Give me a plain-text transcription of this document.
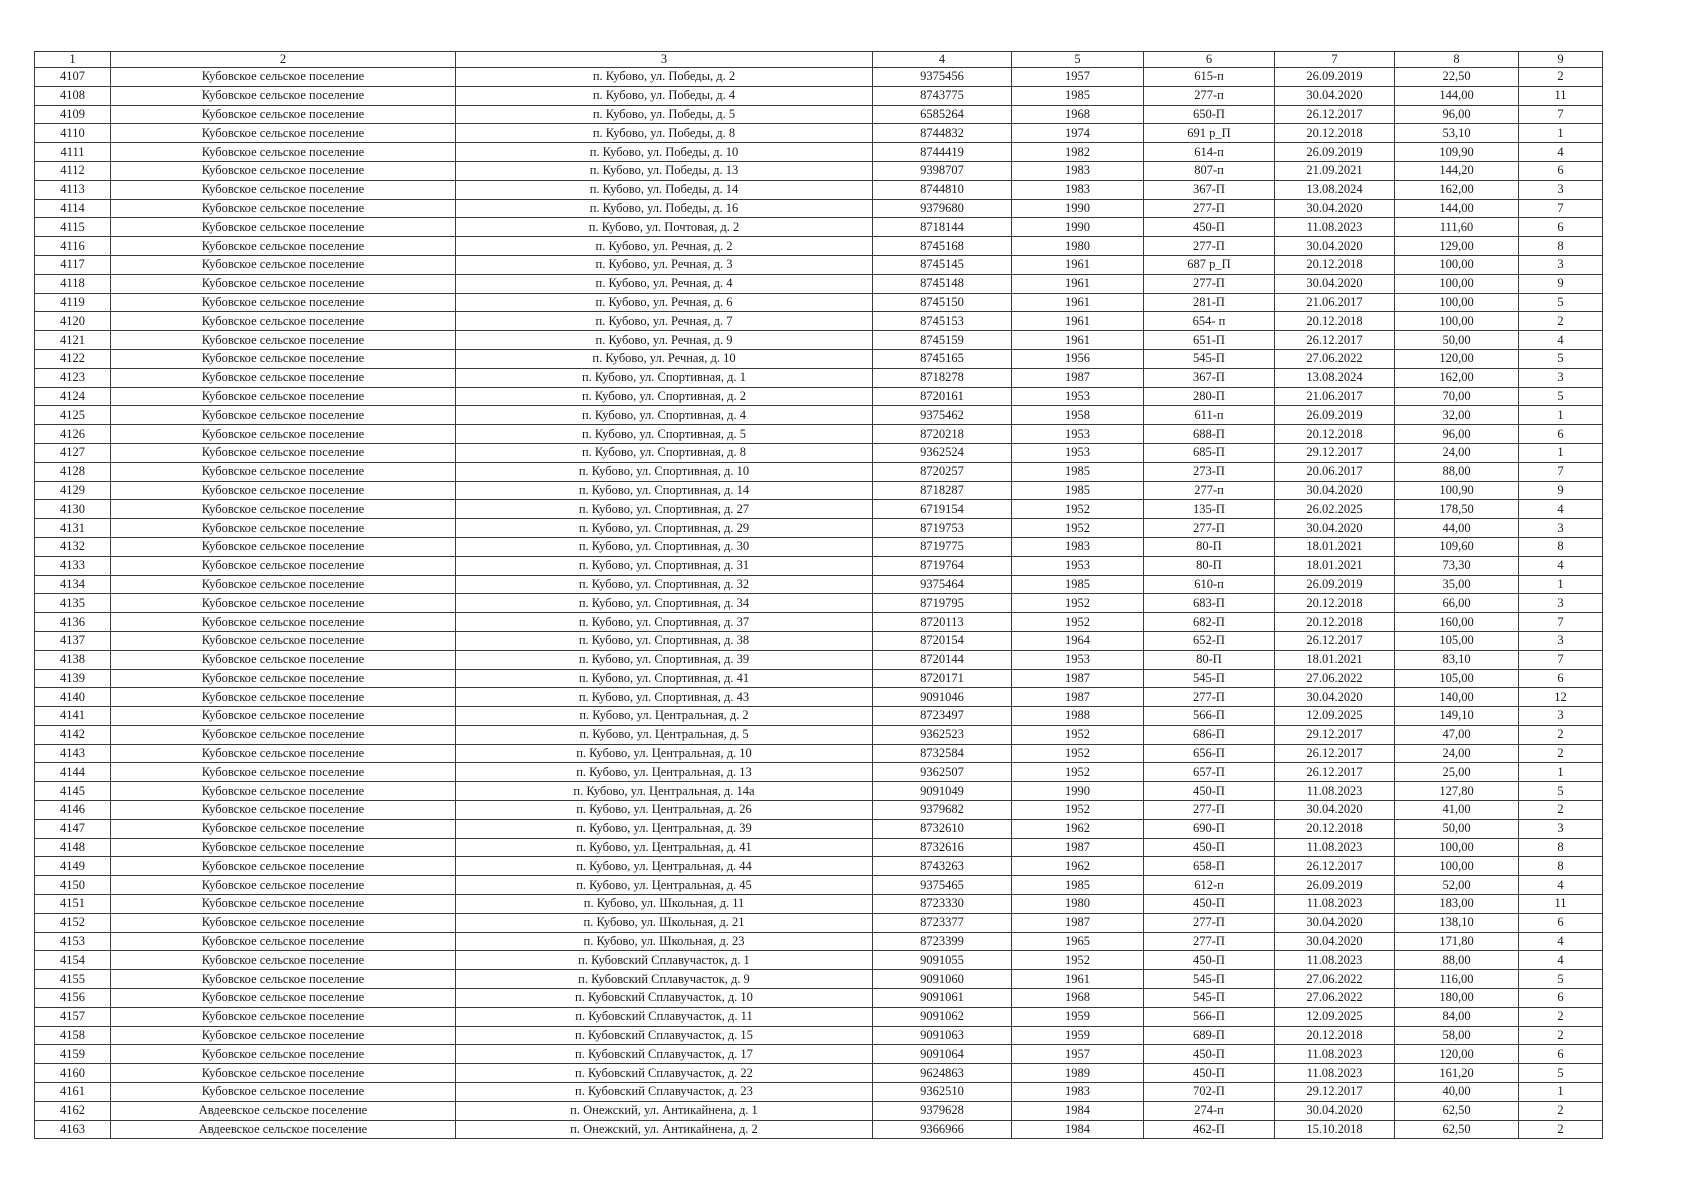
1	2	3	4	5	6	7	8	9
4107	Кубовское сельское поселение	п. Кубово, ул. Победы, д. 2	9375456	1957	615-п	26.09.2019	22,50	2
4108	Кубовское сельское поселение	п. Кубово, ул. Победы, д. 4	8743775	1985	277-п	30.04.2020	144,00	11
4109	Кубовское сельское поселение	п. Кубово, ул. Победы, д. 5	6585264	1968	650-П	26.12.2017	96,00	7
4110	Кубовское сельское поселение	п. Кубово, ул. Победы, д. 8	8744832	1974	691 р_П	20.12.2018	53,10	1
4111	Кубовское сельское поселение	п. Кубово, ул. Победы, д. 10	8744419	1982	614-п	26.09.2019	109,90	4
4112	Кубовское сельское поселение	п. Кубово, ул. Победы, д. 13	9398707	1983	807-п	21.09.2021	144,20	6
4113	Кубовское сельское поселение	п. Кубово, ул. Победы, д. 14	8744810	1983	367-П	13.08.2024	162,00	3
4114	Кубовское сельское поселение	п. Кубово, ул. Победы, д. 16	9379680	1990	277-П	30.04.2020	144,00	7
4115	Кубовское сельское поселение	п. Кубово, ул. Почтовая, д. 2	8718144	1990	450-П	11.08.2023	111,60	6
4116	Кубовское сельское поселение	п. Кубово, ул. Речная, д. 2	8745168	1980	277-П	30.04.2020	129,00	8
4117	Кубовское сельское поселение	п. Кубово, ул. Речная, д. 3	8745145	1961	687 р_П	20.12.2018	100,00	3
4118	Кубовское сельское поселение	п. Кубово, ул. Речная, д. 4	8745148	1961	277-П	30.04.2020	100,00	9
4119	Кубовское сельское поселение	п. Кубово, ул. Речная, д. 6	8745150	1961	281-П	21.06.2017	100,00	5
4120	Кубовское сельское поселение	п. Кубово, ул. Речная, д. 7	8745153	1961	654- п	20.12.2018	100,00	2
4121	Кубовское сельское поселение	п. Кубово, ул. Речная, д. 9	8745159	1961	651-П	26.12.2017	50,00	4
4122	Кубовское сельское поселение	п. Кубово, ул. Речная, д. 10	8745165	1956	545-П	27.06.2022	120,00	5
4123	Кубовское сельское поселение	п. Кубово, ул. Спортивная, д. 1	8718278	1987	367-П	13.08.2024	162,00	3
4124	Кубовское сельское поселение	п. Кубово, ул. Спортивная, д. 2	8720161	1953	280-П	21.06.2017	70,00	5
4125	Кубовское сельское поселение	п. Кубово, ул. Спортивная, д. 4	9375462	1958	611-п	26.09.2019	32,00	1
4126	Кубовское сельское поселение	п. Кубово, ул. Спортивная, д. 5	8720218	1953	688-П	20.12.2018	96,00	6
4127	Кубовское сельское поселение	п. Кубово, ул. Спортивная, д. 8	9362524	1953	685-П	29.12.2017	24,00	1
4128	Кубовское сельское поселение	п. Кубово, ул. Спортивная, д. 10	8720257	1985	273-П	20.06.2017	88,00	7
4129	Кубовское сельское поселение	п. Кубово, ул. Спортивная, д. 14	8718287	1985	277-п	30.04.2020	100,90	9
4130	Кубовское сельское поселение	п. Кубово, ул. Спортивная, д. 27	6719154	1952	135-П	26.02.2025	178,50	4
4131	Кубовское сельское поселение	п. Кубово, ул. Спортивная, д. 29	8719753	1952	277-П	30.04.2020	44,00	3
4132	Кубовское сельское поселение	п. Кубово, ул. Спортивная, д. 30	8719775	1983	80-П	18.01.2021	109,60	8
4133	Кубовское сельское поселение	п. Кубово, ул. Спортивная, д. 31	8719764	1953	80-П	18.01.2021	73,30	4
4134	Кубовское сельское поселение	п. Кубово, ул. Спортивная, д. 32	9375464	1985	610-п	26.09.2019	35,00	1
4135	Кубовское сельское поселение	п. Кубово, ул. Спортивная, д. 34	8719795	1952	683-П	20.12.2018	66,00	3
4136	Кубовское сельское поселение	п. Кубово, ул. Спортивная, д. 37	8720113	1952	682-П	20.12.2018	160,00	7
4137	Кубовское сельское поселение	п. Кубово, ул. Спортивная, д. 38	8720154	1964	652-П	26.12.2017	105,00	3
4138	Кубовское сельское поселение	п. Кубово, ул. Спортивная, д. 39	8720144	1953	80-П	18.01.2021	83,10	7
4139	Кубовское сельское поселение	п. Кубово, ул. Спортивная, д. 41	8720171	1987	545-П	27.06.2022	105,00	6
4140	Кубовское сельское поселение	п. Кубово, ул. Спортивная, д. 43	9091046	1987	277-П	30.04.2020	140,00	12
4141	Кубовское сельское поселение	п. Кубово, ул. Центральная, д. 2	8723497	1988	566-П	12.09.2025	149,10	3
4142	Кубовское сельское поселение	п. Кубово, ул. Центральная, д. 5	9362523	1952	686-П	29.12.2017	47,00	2
4143	Кубовское сельское поселение	п. Кубово, ул. Центральная, д. 10	8732584	1952	656-П	26.12.2017	24,00	2
4144	Кубовское сельское поселение	п. Кубово, ул. Центральная, д. 13	9362507	1952	657-П	26.12.2017	25,00	1
4145	Кубовское сельское поселение	п. Кубово, ул. Центральная, д. 14а	9091049	1990	450-П	11.08.2023	127,80	5
4146	Кубовское сельское поселение	п. Кубово, ул. Центральная, д. 26	9379682	1952	277-П	30.04.2020	41,00	2
4147	Кубовское сельское поселение	п. Кубово, ул. Центральная, д. 39	8732610	1962	690-П	20.12.2018	50,00	3
4148	Кубовское сельское поселение	п. Кубово, ул. Центральная, д. 41	8732616	1987	450-П	11.08.2023	100,00	8
4149	Кубовское сельское поселение	п. Кубово, ул. Центральная, д. 44	8743263	1962	658-П	26.12.2017	100,00	8
4150	Кубовское сельское поселение	п. Кубово, ул. Центральная, д. 45	9375465	1985	612-п	26.09.2019	52,00	4
4151	Кубовское сельское поселение	п. Кубово, ул. Школьная, д. 11	8723330	1980	450-П	11.08.2023	183,00	11
4152	Кубовское сельское поселение	п. Кубово, ул. Школьная, д. 21	8723377	1987	277-П	30.04.2020	138,10	6
4153	Кубовское сельское поселение	п. Кубово, ул. Школьная, д. 23	8723399	1965	277-П	30.04.2020	171,80	4
4154	Кубовское сельское поселение	п. Кубовский Сплавучасток, д. 1	9091055	1952	450-П	11.08.2023	88,00	4
4155	Кубовское сельское поселение	п. Кубовский Сплавучасток, д. 9	9091060	1961	545-П	27.06.2022	116,00	5
4156	Кубовское сельское поселение	п. Кубовский Сплавучасток, д. 10	9091061	1968	545-П	27.06.2022	180,00	6
4157	Кубовское сельское поселение	п. Кубовский Сплавучасток, д. 11	9091062	1959	566-П	12.09.2025	84,00	2
4158	Кубовское сельское поселение	п. Кубовский Сплавучасток, д. 15	9091063	1959	689-П	20.12.2018	58,00	2
4159	Кубовское сельское поселение	п. Кубовский Сплавучасток, д. 17	9091064	1957	450-П	11.08.2023	120,00	6
4160	Кубовское сельское поселение	п. Кубовский Сплавучасток, д. 22	9624863	1989	450-П	11.08.2023	161,20	5
4161	Кубовское сельское поселение	п. Кубовский Сплавучасток, д. 23	9362510	1983	702-П	29.12.2017	40,00	1
4162	Авдеевское сельское поселение	п. Онежский, ул. Антикайнена, д. 1	9379628	1984	274-п	30.04.2020	62,50	2
4163	Авдеевское сельское поселение	п. Онежский, ул. Антикайнена, д. 2	9366966	1984	462-П	15.10.2018	62,50	2
